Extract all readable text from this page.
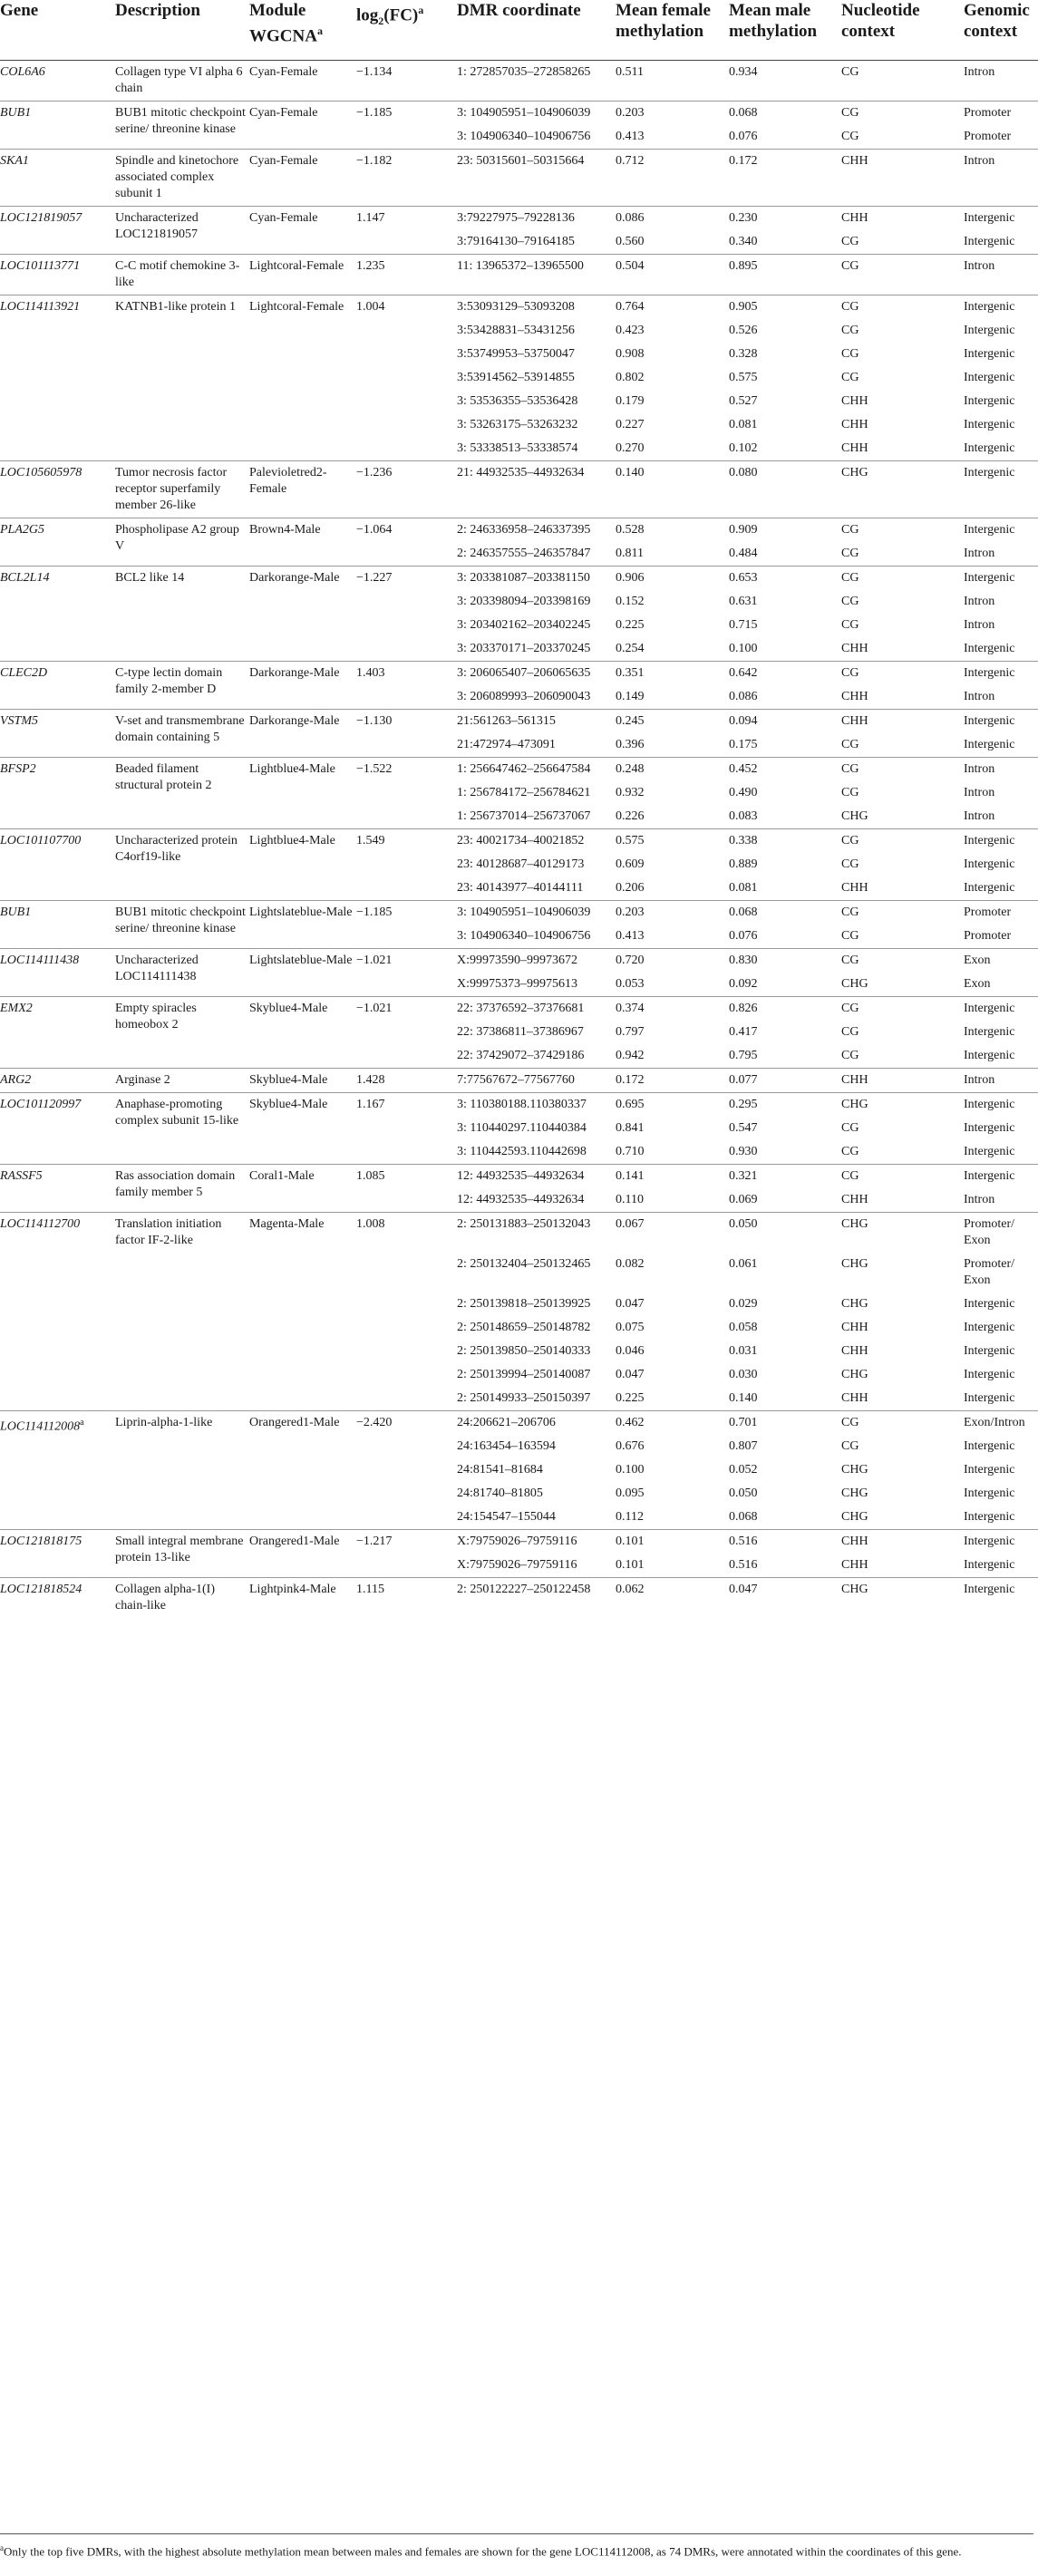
Gene	Description	Module
WGCNA$^a$	$\log_2(FC)^a$	DMR coordinate	Mean female methylation	Mean male methylation	Nucleotide context	Genomic context
COL6A6	Collagen type VI alpha 6 chain	Cyan-Female	−1.134	1: 272857035–272858265	0.511	0.934	CG	Intron
BUB1	BUB1 mitotic checkpoint serine/ threonine kinase	Cyan-Female	−1.185	3: 104905951–104906039	0.203	0.068	CG	Promoter
				3: 104906340–104906756	0.413	0.076	CG	Promoter
SKA1	Spindle and kinetochore associated complex subunit 1	Cyan-Female	−1.182	23: 50315601–50315664	0.712	0.172	CHH	Intron
LOC121819057	Uncharacterized LOC121819057	Cyan-Female	1.147	3:79227975–79228136	0.086	0.230	CHH	Intergenic
				3:79164130–79164185	0.560	0.340	CG	Intergenic
LOC101113771	C-C motif chemokine 3-like	Lightcoral-Female	1.235	11: 13965372–13965500	0.504	0.895	CG	Intron
LOC114113921	KATNB1-like protein 1	Lightcoral-Female	1.004	3:53093129–53093208	0.764	0.905	CG	Intergenic
				3:53428831–53431256	0.423	0.526	CG	Intergenic
				3:53749953–53750047	0.908	0.328	CG	Intergenic
				3:53914562–53914855	0.802	0.575	CG	Intergenic
				3: 53536355–53536428	0.179	0.527	CHH	Intergenic
				3: 53263175–53263232	0.227	0.081	CHH	Intergenic
				3: 53338513–53338574	0.270	0.102	CHH	Intergenic
LOC105605978	Tumor necrosis factor receptor superfamily member 26-like	Palevioletred2-Female	−1.236	21: 44932535–44932634	0.140	0.080	CHG	Intergenic
PLA2G5	Phospholipase A2 group V	Brown4-Male	−1.064	2: 246336958–246337395	0.528	0.909	CG	Intergenic
				2: 246357555–246357847	0.811	0.484	CG	Intron
BCL2L14	BCL2 like 14	Darkorange-Male	−1.227	3: 203381087–203381150	0.906	0.653	CG	Intergenic
				3: 203398094–203398169	0.152	0.631	CG	Intron
				3: 203402162–203402245	0.225	0.715	CG	Intron
				3: 203370171–203370245	0.254	0.100	CHH	Intergenic
CLEC2D	C-type lectin domain family 2-member D	Darkorange-Male	1.403	3: 206065407–206065635	0.351	0.642	CG	Intergenic
				3: 206089993–206090043	0.149	0.086	CHH	Intron
VSTM5	V-set and transmembrane domain containing 5	Darkorange-Male	−1.130	21:561263–561315	0.245	0.094	CHH	Intergenic
				21:472974–473091	0.396	0.175	CG	Intergenic
BFSP2	Beaded filament structural protein 2	Lightblue4-Male	−1.522	1: 256647462–256647584	0.248	0.452	CG	Intron
				1: 256784172–256784621	0.932	0.490	CG	Intron
				1: 256737014–256737067	0.226	0.083	CHG	Intron
LOC101107700	Uncharacterized protein C4orf19-like	Lightblue4-Male	1.549	23: 40021734–40021852	0.575	0.338	CG	Intergenic
				23: 40128687–40129173	0.609	0.889	CG	Intergenic
				23: 40143977–40144111	0.206	0.081	CHH	Intergenic
BUB1	BUB1 mitotic checkpoint serine/ threonine kinase	Lightslateblue-Male	−1.185	3: 104905951–104906039	0.203	0.068	CG	Promoter
				3: 104906340–104906756	0.413	0.076	CG	Promoter
LOC114111438	Uncharacterized LOC114111438	Lightslateblue-Male	−1.021	X:99973590–99973672	0.720	0.830	CG	Exon
				X:99975373–99975613	0.053	0.092	CHG	Exon
EMX2	Empty spiracles homeobox 2	Skyblue4-Male	−1.021	22: 37376592–37376681	0.374	0.826	CG	Intergenic
				22: 37386811–37386967	0.797	0.417	CG	Intergenic
				22: 37429072–37429186	0.942	0.795	CG	Intergenic
ARG2	Arginase 2	Skyblue4-Male	1.428	7:77567672–77567760	0.172	0.077	CHH	Intron
LOC101120997	Anaphase-promoting complex subunit 15-like	Skyblue4-Male	1.167	3: 110380188.110380337	0.695	0.295	CHG	Intergenic
				3: 110440297.110440384	0.841	0.547	CG	Intergenic
				3: 110442593.110442698	0.710	0.930	CG	Intergenic
RASSF5	Ras association domain family member 5	Coral1-Male	1.085	12: 44932535–44932634	0.141	0.321	CG	Intergenic
				12: 44932535–44932634	0.110	0.069	CHH	Intron
LOC114112700	Translation initiation factor IF-2-like	Magenta-Male	1.008	2: 250131883–250132043	0.067	0.050	CHG	Promoter/ Exon
				2: 250132404–250132465	0.082	0.061	CHG	Promoter/ Exon
				2: 250139818–250139925	0.047	0.029	CHG	Intergenic
				2: 250148659–250148782	0.075	0.058	CHH	Intergenic
				2: 250139850–250140333	0.046	0.031	CHH	Intergenic
				2: 250139994–250140087	0.047	0.030	CHG	Intergenic
				2: 250149933–250150397	0.225	0.140	CHH	Intergenic
LOC114112008$^a$	Liprin-alpha-1-like	Orangered1-Male	−2.420	24:206621–206706	0.462	0.701	CG	Exon/Intron
				24:163454–163594	0.676	0.807	CG	Intergenic
				24:81541–81684	0.100	0.052	CHG	Intergenic
				24:81740–81805	0.095	0.050	CHG	Intergenic
				24:154547–155044	0.112	0.068	CHG	Intergenic
LOC121818175	Small integral membrane protein 13-like	Orangered1-Male	−1.217	X:79759026–79759116	0.101	0.516	CHH	Intergenic
				X:79759026–79759116	0.101	0.516	CHH	Intergenic
LOC121818524	Collagen alpha-1(I) chain-like	Lightpink4-Male	1.115	2: 250122227–250122458	0.062	0.047	CHG	Intergenic
$^a$Only the top five DMRs, with the highest absolute methylation mean between males and females are shown for the gene LOC114112008, as 74 DMRs, were annotated within the coordinates of this gene.
